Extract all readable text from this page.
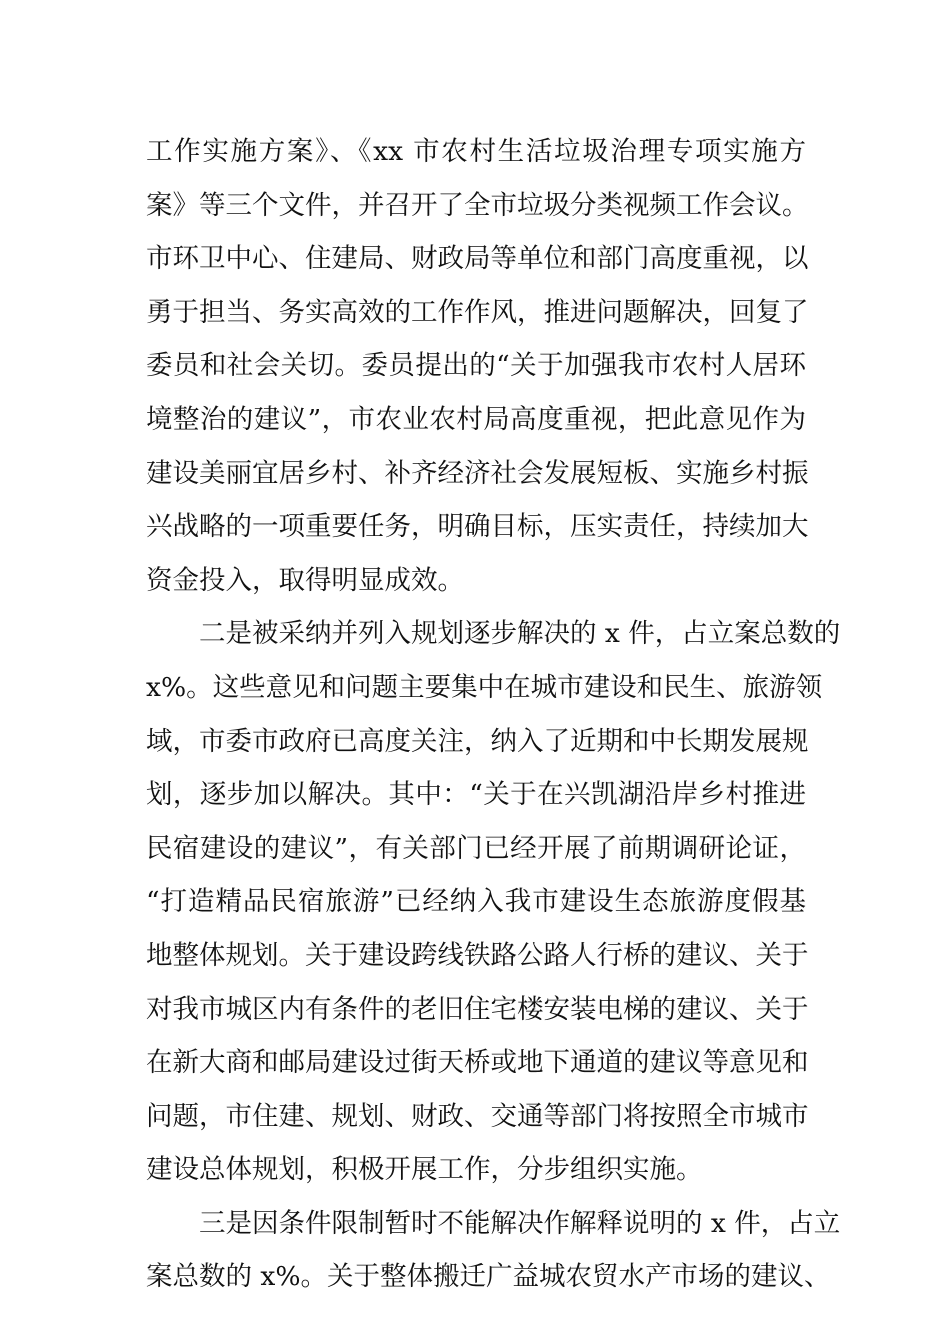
工作实施方案》、《xx 市农村生活垃圾治理专项实施方
案》等三个文件，并召开了全市垃圾分类视频工作会议。
市环卫中心、住建局、财政局等单位和部门高度重视，以
勇于担当、务实高效的工作作风，推进问题解决，回复了
委员和社会关切。委员提出的“关于加强我市农村人居环
境整治的建议”，市农业农村局高度重视，把此意见作为
建设美丽宜居乡村、补齐经济社会发展短板、实施乡村振
兴战略的一项重要任务，明确目标，压实责任，持续加大
资金投入，取得明显成效。
　　二是被采纳并列入规划逐步解决的 x 件，占立案总数的
x%。这些意见和问题主要集中在城市建设和民生、旅游领
域，市委市政府已高度关注，纳入了近期和中长期发展规
划，逐步加以解决。其中：“关于在兴凯湖沿岸乡村推进
民宿建设的建议”，有关部门已经开展了前期调研论证，
“打造精品民宿旅游”已经纳入我市建设生态旅游度假基
地整体规划。关于建设跨线铁路公路人行桥的建议、关于
对我市城区内有条件的老旧住宅楼安装电梯的建议、关于
在新大商和邮局建设过街天桥或地下通道的建议等意见和
问题，市住建、规划、财政、交通等部门将按照全市城市
建设总体规划，积极开展工作，分步组织实施。
　　三是因条件限制暂时不能解决作解释说明的 x 件，占立
案总数的 x%。关于整体搬迁广益城农贸水产市场的建议、
